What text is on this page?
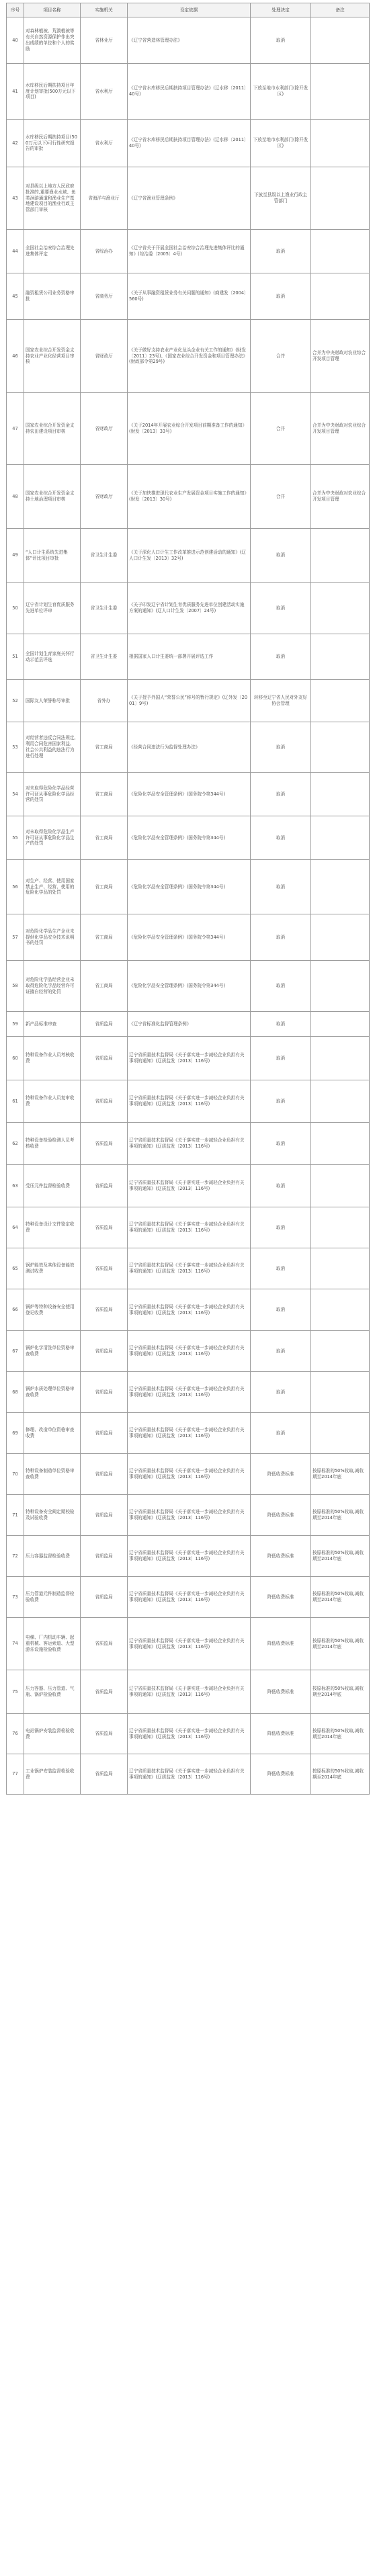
序号	项目名称	实施机关	设定依据	处理决定	备注
40	对森林植被、荒漠植被等有关自然资源保护作出突出成绩的单位和个人的奖励	省林业厅	《辽宁省营造林管理办法》	取消	
41	水库移民后期扶持项目年度计划审批(500万元以下项目)	省水利厅	《辽宁省水库移民后期扶持项目管理办法》(辽水移〔2011〕40号)	下放至地市水利部门(除开发区)	
42	水库移民后期扶持项目(500万元以下)可行性研究报告的审批	省水利厅	《辽宁省水库移民后期扶持项目管理办法》(辽水移〔2011〕40号)	下放至地市水利部门(除开发区)	
43	对县级以上地方人民政府批准的,重要渔业水域、鱼类洄游通道和渔业生产基地建设项目的渔业行政主管部门审核	省海洋与渔业厅	《辽宁省渔业管理条例》	下放至县级以上渔业行政主管部门	
44	全国社会治安综合治理先进集体评定	省综治办	《辽宁省关于开展全国社会治安综合治理先进集体评比的通知》(综治委〔2005〕4号)	取消	
45	融资租赁公司业务资格审批	省商务厅	《关于从事融资租赁业务有关问题的通知》(商建发〔2004〕560号)	取消	
46	国家农业综合开发资金支持农业产业化经营项目审核	省财政厅	《关于做好支持农业产业化龙头企业有关工作的通知》(财发〔2011〕23号)、《国家农业综合开发资金和项目管理办法》(财政部令第29号)	合并	合并为中央财政对农业综合开发项目管理
47	国家农业综合开发资金支持农田建设项目审核	省财政厅	《关于2014年开展农业综合开发项目前期准备工作的通知》(财发〔2013〕33号)	合并	合并为中央财政对农业综合开发项目管理
48	国家农业综合开发资金支持土地治理项目审核	省财政厅	《关于加快推进现代农业生产发展资金项目实施工作的通知》(财发〔2013〕30号)	合并	合并为中央财政对农业综合开发项目管理
49	“人口计生系统先进集体”评比项目审批	省卫生计生委	《关于深化人口计生工作改革推进示范创建活动的通知》(辽人口计生发〔2013〕32号)	取消	
50	辽宁省计划生育优质服务先进单位评审	省卫生计生委	《关于印发辽宁省计划生育优质服务先进单位创建活动实施方案的通知》(辽人口计生发〔2007〕24号)	取消	
51	全国计划生育家庭关怀行动示范县评选	省卫生计生委	根据国家人口计生委统一部署开展评选工作	取消	
52	国际友人荣誉称号审批	省外办	《关于授予外国人“荣誉公民”称号的暂行规定》(辽外发〔2001〕9号)	转移至辽宁省人民对外友好协会管理	
53	对经营者违反合同法规定,利用合同危害国家利益、社会公共利益的违法行为进行处理	省工商局	《经营合同违法行为监督处理办法》	取消	
54	对未取得危险化学品经营许可证从事危险化学品经营的处罚	省工商局	《危险化学品安全管理条例》(国务院令第344号)	取消	
55	对未取得危险化学品生产许可证从事危险化学品生产的处罚	省工商局	《危险化学品安全管理条例》(国务院令第344号)	取消	
56	对生产、经营、使用国家禁止生产、经营、使用的危险化学品的处罚	省工商局	《危险化学品安全管理条例》(国务院令第344号)	取消	
57	对危险化学品生产企业未提供化学品安全技术说明书的处罚	省工商局	《危险化学品安全管理条例》(国务院令第344号)	取消	
58	对危险化学品经营企业未取得危险化学品经营许可证擅自经营的处罚	省工商局	《危险化学品安全管理条例》(国务院令第344号)	取消	
59	新产品标准审查	省质监局	《辽宁省标准化监督管理条例》	取消	
60	特种设备作业人员考核收费	省质监局	辽宁省质量技术监督局《关于落实进一步减轻企业负担有关事项的通知》(辽质监发〔2013〕116号)	取消	
61	特种设备作业人员复审收费	省质监局	辽宁省质量技术监督局《关于落实进一步减轻企业负担有关事项的通知》(辽质监发〔2013〕116号)	取消	
62	特种设备检验检测人员考核收费	省质监局	辽宁省质量技术监督局《关于落实进一步减轻企业负担有关事项的通知》(辽质监发〔2013〕116号)	取消	
63	受压元件监督检验收费	省质监局	辽宁省质量技术监督局《关于落实进一步减轻企业负担有关事项的通知》(辽质监发〔2013〕116号)	取消	
64	特种设备设计文件鉴定收费	省质监局	辽宁省质量技术监督局《关于落实进一步减轻企业负担有关事项的通知》(辽质监发〔2013〕116号)	取消	
65	锅炉能效及其他设备能效测试收费	省质监局	辽宁省质量技术监督局《关于落实进一步减轻企业负担有关事项的通知》(辽质监发〔2013〕116号)	取消	
66	锅炉等特种设备安全使用登记收费	省质监局	辽宁省质量技术监督局《关于落实进一步减轻企业负担有关事项的通知》(辽质监发〔2013〕116号)	取消	
67	锅炉化学清洗单位资格审查收费	省质监局	辽宁省质量技术监督局《关于落实进一步减轻企业负担有关事项的通知》(辽质监发〔2013〕116号)	取消	
68	锅炉水质处理单位资格审查收费	省质监局	辽宁省质量技术监督局《关于落实进一步减轻企业负担有关事项的通知》(辽质监发〔2013〕116号)	取消	
69	修理、改造单位资格审查收费	省质监局	辽宁省质量技术监督局《关于落实进一步减轻企业负担有关事项的通知》(辽质监发〔2013〕116号)	取消	
70	特种设备制造单位资格审查收费	省质监局	辽宁省质量技术监督局《关于落实进一步减轻企业负担有关事项的通知》(辽质监发〔2013〕116号)	降低收费标准	按原标准的50%收取,减收期至2014年底
71	特种设备安全阀定期校验及试验收费	省质监局	辽宁省质量技术监督局《关于落实进一步减轻企业负担有关事项的通知》(辽质监发〔2013〕116号)	降低收费标准	按原标准的50%收取,减收期至2014年底
72	压力容器监督检验收费	省质监局	辽宁省质量技术监督局《关于落实进一步减轻企业负担有关事项的通知》(辽质监发〔2013〕116号)	降低收费标准	按原标准的50%收取,减收期至2014年底
73	压力管道元件制造监督检验收费	省质监局	辽宁省质量技术监督局《关于落实进一步减轻企业负担有关事项的通知》(辽质监发〔2013〕116号)	降低收费标准	按原标准的50%收取,减收期至2014年底
74	电梯、厂内机动车辆、起重机械、客运索道、大型游乐设施检验收费	省质监局	辽宁省质量技术监督局《关于落实进一步减轻企业负担有关事项的通知》(辽质监发〔2013〕116号)	降低收费标准	按原标准的50%收取,减收期至2014年底
75	压力容器、压力管道、气瓶、锅炉检验收费	省质监局	辽宁省质量技术监督局《关于落实进一步减轻企业负担有关事项的通知》(辽质监发〔2013〕116号)	降低收费标准	按原标准的50%收取,减收期至2014年底
76	电站锅炉安装监督检验收费	省质监局	辽宁省质量技术监督局《关于落实进一步减轻企业负担有关事项的通知》(辽质监发〔2013〕116号)	降低收费标准	按原标准的50%收取,减收期至2014年底
77	工业锅炉安装监督检验收费	省质监局	辽宁省质量技术监督局《关于落实进一步减轻企业负担有关事项的通知》(辽质监发〔2013〕116号)	降低收费标准	按原标准的50%收取,减收期至2014年底
